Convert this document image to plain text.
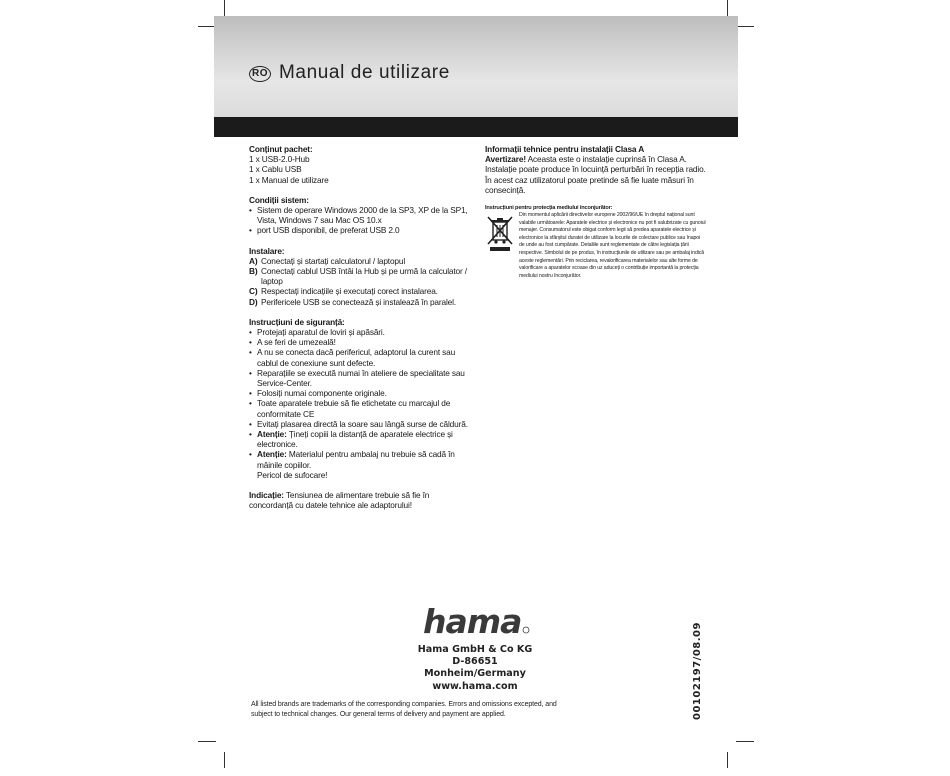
RO Manual de utilizare
Conținut pachet:
1 x USB-2.0-Hub
1 x Cablu USB
1 x Manual de utilizare
Condiții sistem:
• Sistem de operare Windows 2000 de la SP3, XP de la SP1, Vista, Windows 7 sau Mac OS 10.x
• port USB disponibil, de preferat USB 2.0
Instalare:
A) Conectați și startați calculatorul / laptopul
B) Conectați cablul USB întâi la Hub și pe urmă la calculator / laptop
C) Respectați indicațiile și executați corect instalarea.
D) Perifericele USB se conectează și instalează în paralel.
Instrucțiuni de siguranță:
• Protejați aparatul de loviri și apăsări.
• A se feri de umezeală!
• A nu se conecta dacă perifericul, adaptorul la curent sau cablul de conexiune sunt defecte.
• Reparațiile se execută numai în ateliere de specialitate sau Service-Center.
• Folosiți numai componente originale.
• Toate aparatele trebuie să fie etichetate cu marcajul de conformitate CE
• Evitați plasarea directă la soare sau lângă surse de căldură.
• Atenție: Țineți copiii la distanță de aparatele electrice și electronice.
• Atenție: Materialul pentru ambalaj nu trebuie să cadă în mâinile copiilor.
Pericol de sufocare!
Indicație: Tensiunea de alimentare trebuie să fie în concordanță cu datele tehnice ale adaptorului!
Informații tehnice pentru instalații Clasa A
Avertizare! Aceasta este o instalație cuprinsă în Clasa A. Instalație poate produce în locuință perturbări în recepția radio.
În acest caz utilizatorul poate pretinde să fie luate măsuri în consecință.
Instrucțiuni pentru protecția mediului înconjurător:
Din momentul aplicării directivelor europene 2002/96/UE în dreptul național sunt valabile următoarele: Aparatele electrice și electronice nu pot fi salubrizate cu gunoiul menajer. Consumatorul este obigat conform legii să predea aparatele electrice și electronice la sfârșitul duratei de utilizare la locurile de colectare publice sau înapoi de unde au fost cumpărate. Detaliile sunt reglementate de către legislația țării respective. Simbolul de pe produs, în instrucțiunile de utilizare sau pe ambalaj indică aceste reglementări. Prin reciclarea, revalorificarea materialelor sau alte forme de valorificare a aparatelor scoase din uz aduceți o contribuție importantă la protecția mediului nostru înconjurător.
hama
Hama GmbH & Co KG
D-86651 Monheim/Germany
www.hama.com
All listed brands are trademarks of the corresponding companies. Errors and omissions excepted, and subject to technical changes. Our general terms of delivery and payment are applied.	00102197/08.09
